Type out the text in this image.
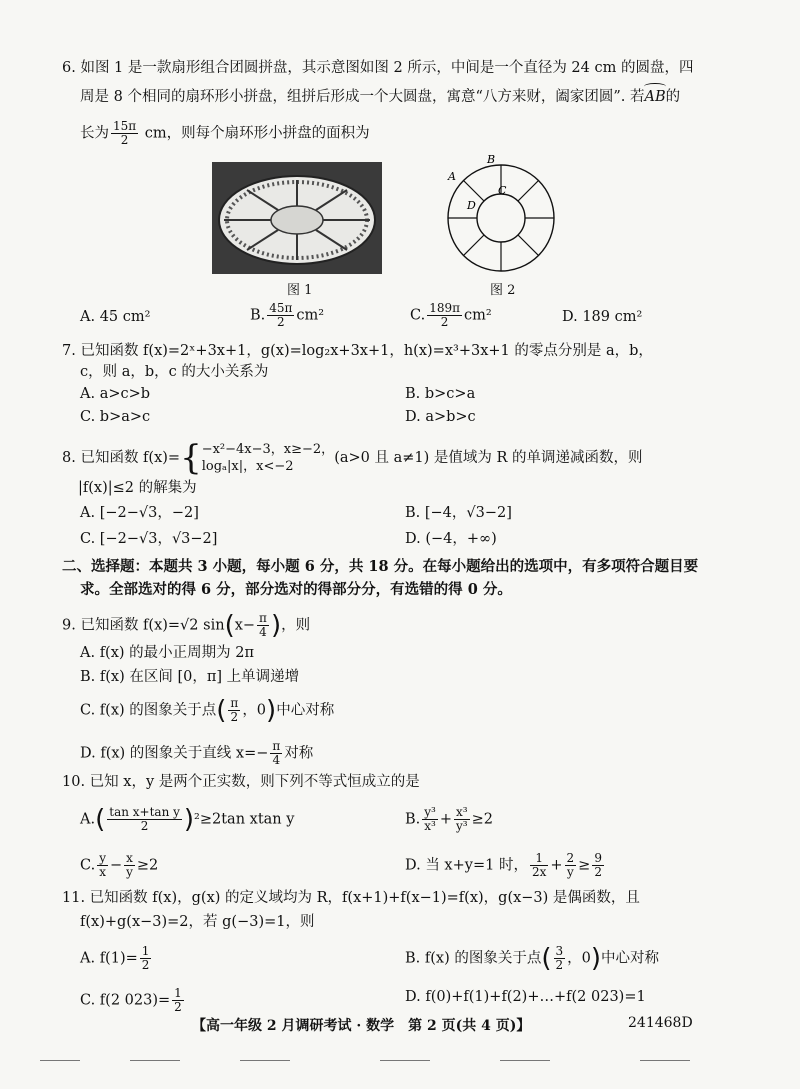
6. 如图 1 是一款扇形组合团圆拼盘，其示意图如图 2 所示，中间是一个直径为 24 cm 的圆盘，四
周是 8 个相同的扇环形小拼盘，组拼后形成一个大圆盘，寓意“八方来财，阖家团圆”. 若AB的
长为 $\frac{15\pi}{2}$ cm，则每个扇环形小拼盘的面积为
图 1
A
B
C
D
图 2
A. 45 cm²	B. $\frac{45\pi}{2} cm^2$	C. $\frac{189\pi}{2} cm^2$	D. 189 cm²
7. 已知函数 f(x)=2ˣ+3x+1，g(x)=log₂x+3x+1，h(x)=x³+3x+1 的零点分别是 a，b，
c，则 a，b，c 的大小关系为
A. a>c>b	B. b>c>a
C. b>a>c	D. a>b>c
8. 已知函数 f(x)={ −x²−4x−3，x≥−2，
logₐ|x|，x<−2
(a>0 且 a≠1) 是值域为 R 的单调递减函数，则
|f(x)|≤2 的解集为
A. [−2−√3，−2]	B. [−4，√3−2]
C. [−2−√3，√3−2]	D. (−4，+∞)
二、选择题：本题共 3 小题，每小题 6 分，共 18 分。在每小题给出的选项中，有多项符合题目要
求。全部选对的得 6 分，部分选对的得部分分，有选错的得 0 分。
9. 已知函数 f(x)=√2 $\sin(x- \frac{\pi}{4}$ )，则
A. f(x) 的最小正周期为 2π
B. f(x) 在区间 [0，π] 上单调递增
C. f(x) 的图象关于点( $\frac{\pi}{2}$ ，0)中心对称
D. f(x) 的图象关于直线 $x=- \frac{\pi}{4}$ 对称
10. 已知 x，y 是两个正实数，则下列不等式恒成立的是
$A.( \frac{\text{tan x+tan y}}{2} )^2\ge 2\tan$ xtan y	B. $\frac{\text{y³}}{\text{x³}} + \frac{\text{x³}}{\text{y³}} \ge 2$
C. $\frac{y}{x} - \frac{x}{y} \ge 2$	D. 当 x+y=1 时， $\frac{1}{2x} + \frac{2}{y} \ge \frac{9}{2}$
11. 已知函数 f(x)，g(x) 的定义域均为 R，f(x+1)+f(x−1)=f(x)，g(x−3) 是偶函数，且
f(x)+g(x−3)=2，若 g(−3)=1，则
A. $f(1)= \frac{1}{2}$	B. f(x) 的图象关于点( $\frac{3}{2}$ ，0)中心对称
C. f(2 $023)= \frac{1}{2}$	D. f(0)+f(1)+f(2)+…+f(2 023)=1
【高一年级 2 月调研考试 · 数学　第 2 页(共 4 页)】	241468D
